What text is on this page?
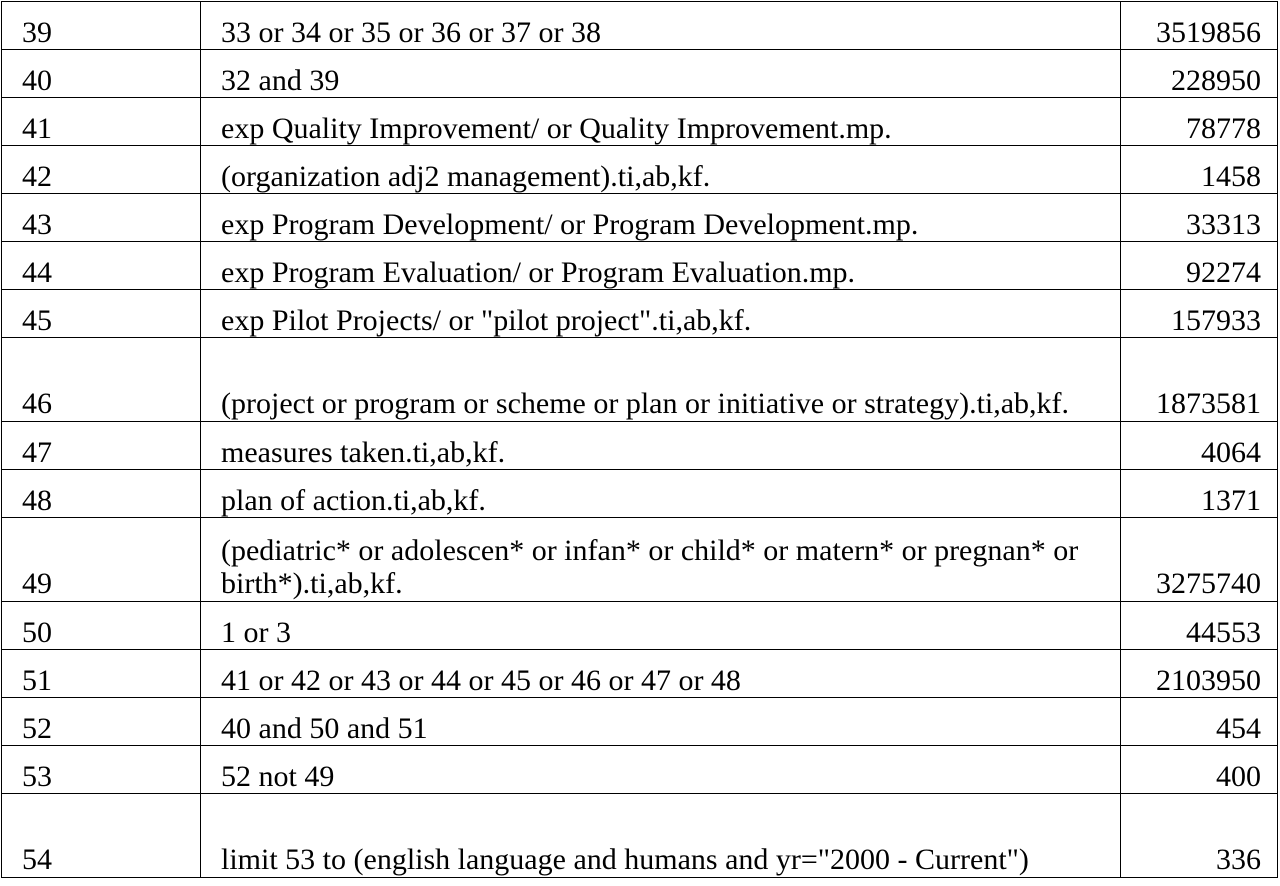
39	33 or 34 or 35 or 36 or 37 or 38	3519856
40	32 and 39	228950
41	exp Quality Improvement/ or Quality Improvement.mp.	78778
42	(organization adj2 management).ti,ab,kf.	1458
43	exp Program Development/ or Program Development.mp.	33313
44	exp Program Evaluation/ or Program Evaluation.mp.	92274
45	exp Pilot Projects/ or "pilot project".ti,ab,kf.	157933
46	(project or program or scheme or plan or initiative or strategy).ti,ab,kf.	1873581
47	measures taken.ti,ab,kf.	4064
48	plan of action.ti,ab,kf.	1371
49	(pediatric* or adolescen* or infan* or child* or matern* or pregnan* or birth*).ti,ab,kf.	3275740
50	1 or 3	44553
51	41 or 42 or 43 or 44 or 45 or 46 or 47 or 48	2103950
52	40 and 50 and 51	454
53	52 not 49	400
54	limit 53 to (english language and humans and yr="2000 - Current")	336
